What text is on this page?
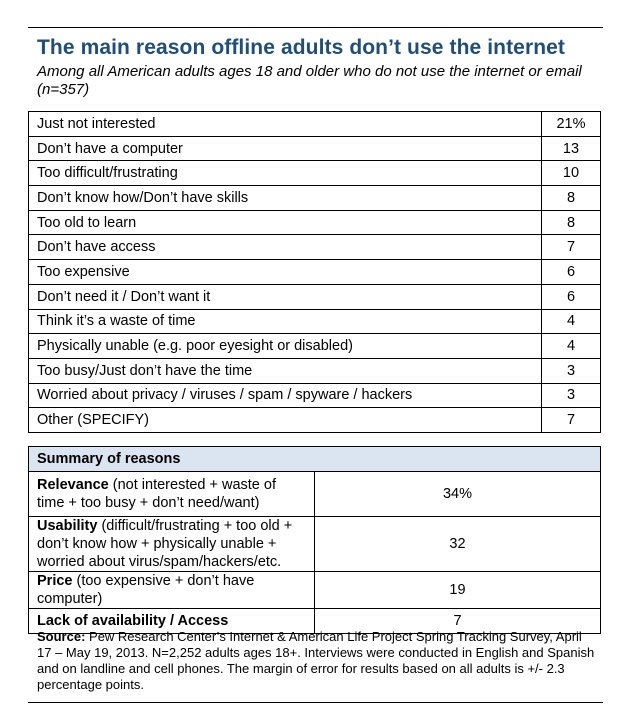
The main reason offline adults don’t use the internet
Among all American adults ages 18 and older who do not use the internet or email (n=357)
Just not interested	21%
Don’t have a computer	13
Too difficult/frustrating	10
Don’t know how/Don’t have skills	8
Too old to learn	8
Don’t have access	7
Too expensive	6
Don’t need it / Don’t want it	6
Think it’s a waste of time	4
Physically unable (e.g. poor eyesight or disabled)	4
Too busy/Just don’t have the time	3
Worried about privacy / viruses / spam / spyware / hackers	3
Other (SPECIFY)	7
Summary of reasons	
Relevance (not interested + waste of time + too busy + don’t need/want)	34%
Usability (difficult/frustrating + too old + don’t know how + physically unable + worried about virus/spam/hackers/etc.	32
Price (too expensive + don’t have computer)	19
Lack of availability / Access	7
Source: Pew Research Center’s Internet & American Life Project Spring Tracking Survey, April 17 – May 19, 2013. N=2,252 adults ages 18+. Interviews were conducted in English and Spanish and on landline and cell phones. The margin of error for results based on all adults is +/- 2.3 percentage points.
